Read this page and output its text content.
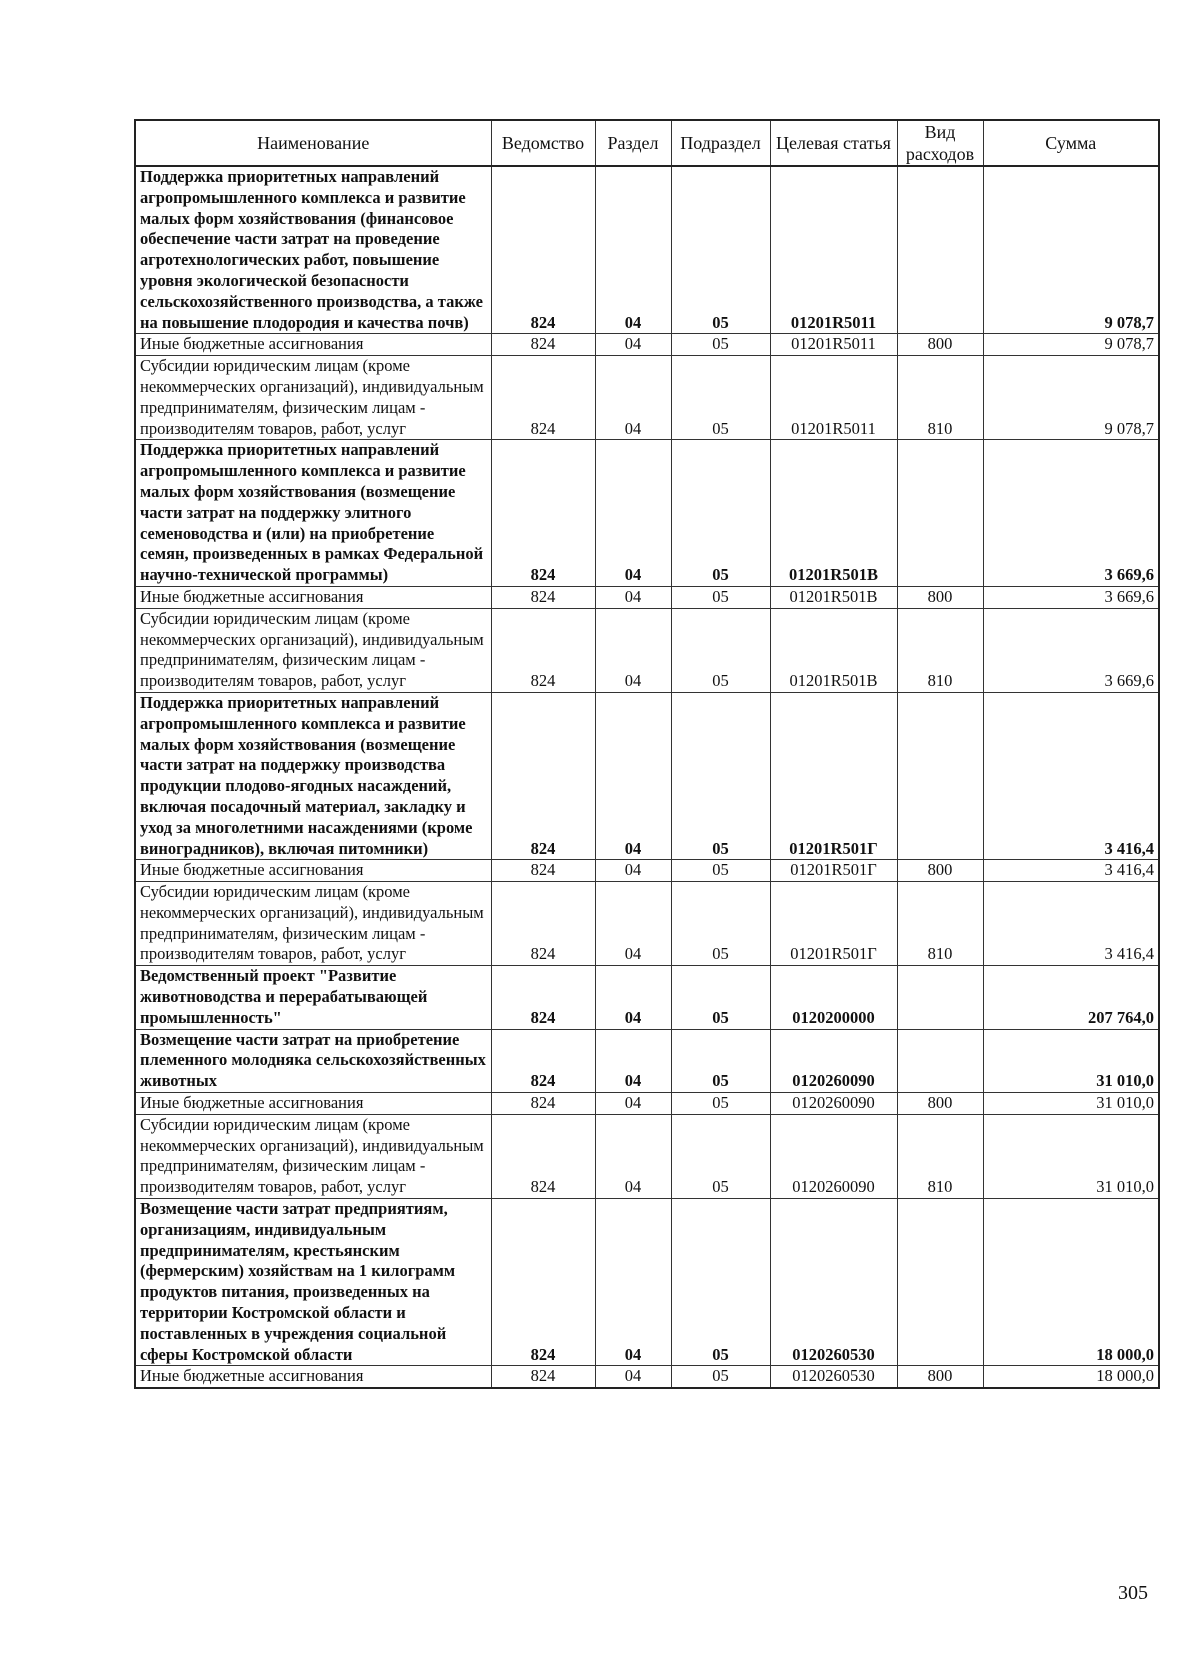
Наименование	Ведомство	Раздел	Подраздел	Целевая статья	Вид расходов	Сумма
Поддержка приоритетных направлений агропромышленного комплекса и развитие малых форм хозяйствования (финансовое обеспечение части затрат на проведение агротехнологических работ, повышение уровня экологической безопасности сельскохозяйственного производства, а также на повышение плодородия и качества почв)	824	04	05	01201R5011		9 078,7
Иные бюджетные ассигнования	824	04	05	01201R5011	800	9 078,7
Субсидии юридическим лицам (кроме некоммерческих организаций), индивидуальным предпринимателям, физическим лицам - производителям товаров, работ, услуг	824	04	05	01201R5011	810	9 078,7
Поддержка приоритетных направлений агропромышленного комплекса и развитие малых форм хозяйствования (возмещение части затрат на поддержку элитного семеноводства и (или) на приобретение семян, произведенных в рамках Федеральной научно-технической программы)	824	04	05	01201R501В		3 669,6
Иные бюджетные ассигнования	824	04	05	01201R501В	800	3 669,6
Субсидии юридическим лицам (кроме некоммерческих организаций), индивидуальным предпринимателям, физическим лицам - производителям товаров, работ, услуг	824	04	05	01201R501В	810	3 669,6
Поддержка приоритетных направлений агропромышленного комплекса и развитие малых форм хозяйствования (возмещение части затрат на поддержку производства продукции плодово-ягодных насаждений, включая посадочный материал, закладку и уход за многолетними насаждениями (кроме виноградников), включая питомники)	824	04	05	01201R501Г		3 416,4
Иные бюджетные ассигнования	824	04	05	01201R501Г	800	3 416,4
Субсидии юридическим лицам (кроме некоммерческих организаций), индивидуальным предпринимателям, физическим лицам - производителям товаров, работ, услуг	824	04	05	01201R501Г	810	3 416,4
Ведомственный проект "Развитие животноводства и перерабатывающей промышленность"	824	04	05	0120200000		207 764,0
Возмещение части затрат на приобретение племенного молодняка сельскохозяйственных животных	824	04	05	0120260090		31 010,0
Иные бюджетные ассигнования	824	04	05	0120260090	800	31 010,0
Субсидии юридическим лицам (кроме некоммерческих организаций), индивидуальным предпринимателям, физическим лицам - производителям товаров, работ, услуг	824	04	05	0120260090	810	31 010,0
Возмещение части затрат предприятиям, организациям, индивидуальным предпринимателям, крестьянским (фермерским) хозяйствам на 1 килограмм продуктов питания, произведенных на территории Костромской области и поставленных в учреждения социальной сферы Костромской области	824	04	05	0120260530		18 000,0
Иные бюджетные ассигнования	824	04	05	0120260530	800	18 000,0
305
